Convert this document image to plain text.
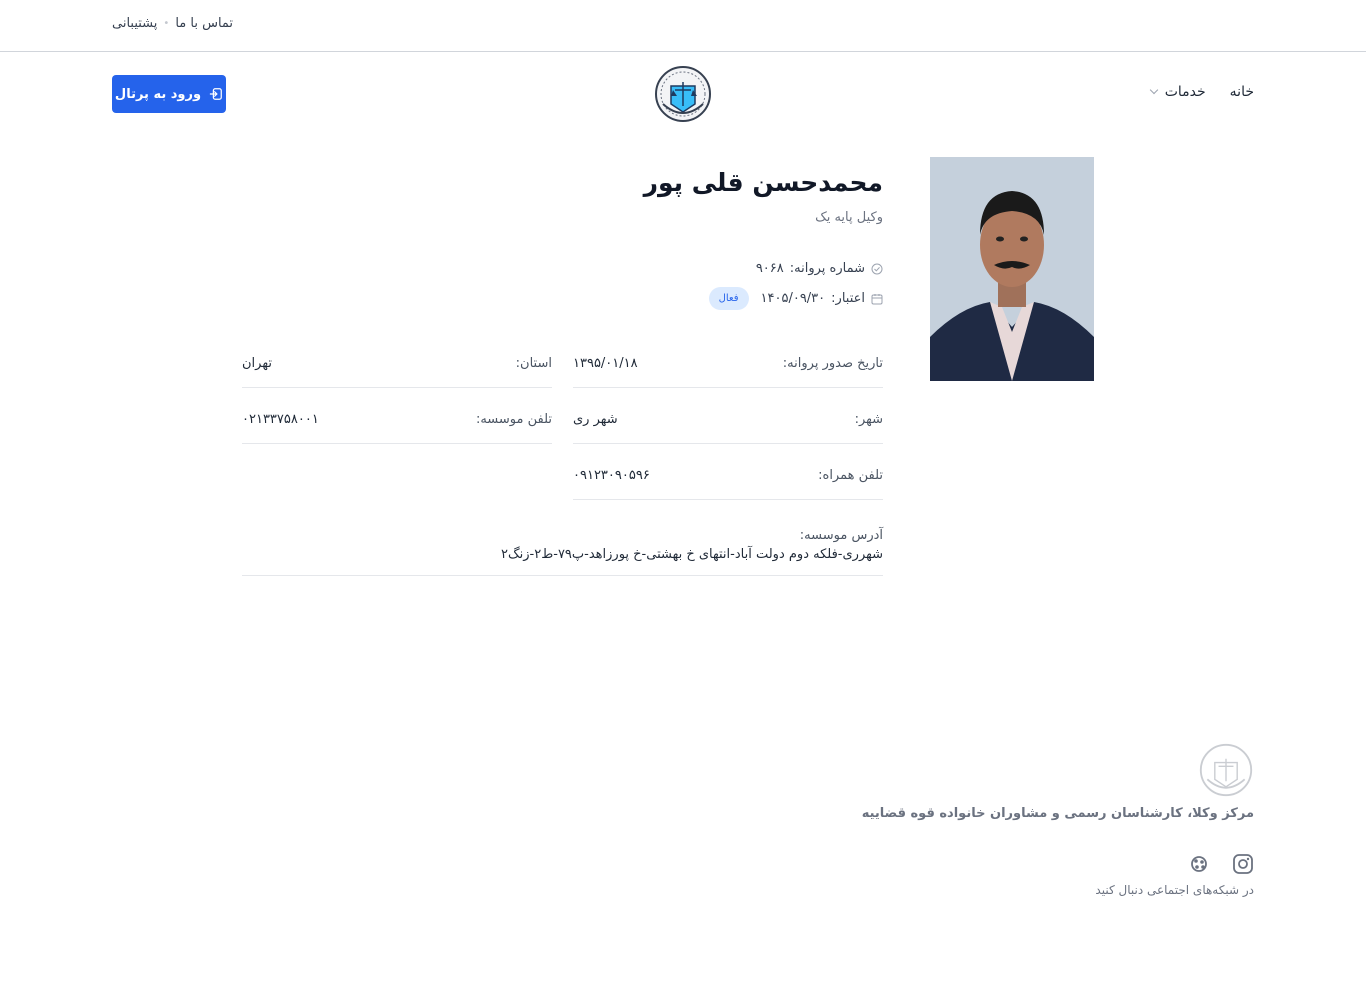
پشتیبانی • تماس با ما
خانه
خدمات
ورود به پرتال
محمدحسن قلی پور
وکیل پایه یک
شماره پروانه:
۹۰۶۸
اعتبار:
۱۴۰۵/۰۹/۳۰
فعال
تاریخ صدور پروانه:
۱۳۹۵/۰۱/۱۸
استان:
تهران
شهر:
شهر ری
تلفن موسسه:
۰۲۱۳۳۷۵۸۰۰۱
تلفن همراه:
۰۹۱۲۳۰۹۰۵۹۶
آدرس موسسه:
شهرری-فلکه دوم دولت آباد-انتهای خ بهشتی-خ پورزاهد-پ۷۹-ط۲-زنگ۲
مرکز وکلا، کارشناسان رسمی و مشاوران خانواده قوه قضاییه
در شبکه‌های اجتماعی دنبال کنید
